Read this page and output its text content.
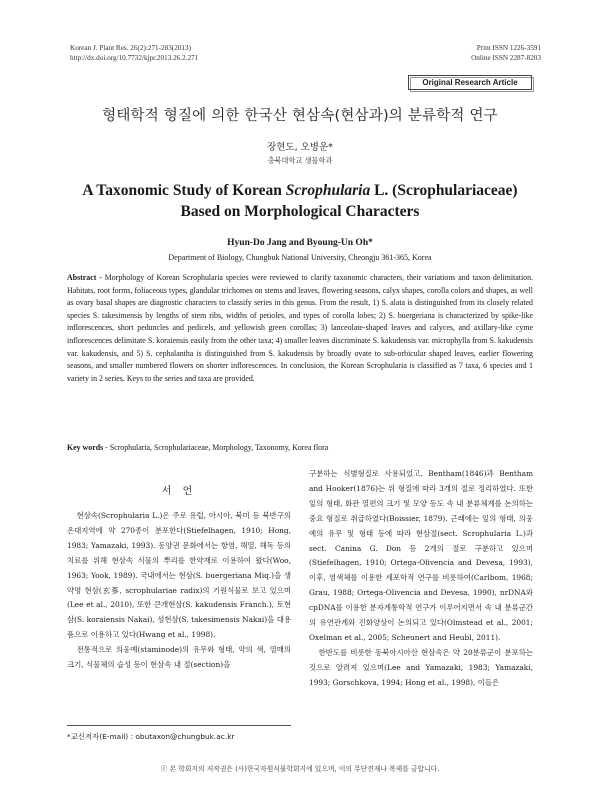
Korean J. Plant Res. 26(2):271-283(2013)
http://dx.doi.org/10.7732/kjpr.2013.26.2.271
Print ISSN 1226-3591
Online ISSN 2287-8203
Original Research Article
형태학적 형질에 의한 한국산 현삼속(현삼과)의 분류학적 연구
장현도, 오병운*
충북대학교 생물학과
A Taxonomic Study of Korean Scrophularia L. (Scrophulariaceae)
Based on Morphological Characters
Hyun-Do Jang and Byoung-Un Oh*
Department of Biology, Chungbuk National University, Cheongju 361-365, Korea
Abstract - Morphology of Korean Scrophularia species were reviewed to clarify taxonomic characters, their variations and taxon delimitation. Habitats, root forms, foliaceous types, glandular trichomes on stems and leaves, flowering seasons, calyx shapes, corolla colors and shapes, as well as ovary basal shapes are diagnostic characters to classify series in this genus. From the result, 1) S. alata is distinguished from its closely related species S. takesimensis by lengths of stem ribs, widths of petioles, and types of corolla lobes; 2) S. buergeriana is characterized by spike-like inflorescences, short peduncles and pedicels, and yellowish green corollas; 3) lanceolate-shaped leaves and calyces, and axillary-like cyme inflorescences delimitate S. koraiensis easily from the other taxa; 4) smaller leaves discriminate S. kakudensis var. microphylla from S. kakudensis var. kakudensis, and 5) S. cephalantha is distinguished from S. kakudensis by broadly ovate to sub-orbicular shaped leaves, earlier flowering seasons, and smaller numbered flowers on shorter inflorescences. In conclusion, the Korean Scrophularia is classified as 7 taxa, 6 species and 1 variety in 2 series. Keys to the series and taxa are provided.
Key words - Scrophularia, Scrophulariaceae, Morphology, Taxonomy, Korea flora
서 언

현삼속(Scrophularia L.)은 주로 유럽, 아시아, 북미 등 북반구의 온대지역에 약 270종이 분포한다(Stiefelhagen, 1910; Hong, 1983; Yamazaki, 1993). 동양권 문화에서는 항염, 해열, 해독 등의 치료를 위해 현삼속 식물의 뿌리를 한약재로 이용하여 왔다(Woo, 1963; Yook, 1989). 국내에서는 현삼(S. buergeriana Miq.)을 생약명 현삼(玄蔘, scrophulariae radix)의 기원식물로 보고 있으며(Lee et al., 2010), 또한 큰개현삼(S. kakudensis Franch.), 토현삼(S. koraiensis Nakai), 섬현삼(S. takesimensis Nakai)을 대용품으로 이용하고 있다(Hwang et al., 1998).

전통적으로 의웅예(staminode)의 유무와 형태, 약의 색, 열매의 크기, 식물체의 습성 등이 현삼속 내 절(section)을

구분하는 식별형질로 사용되었고, Bentham(1846)과 Bentham and Hooker(1876)는 위 형질에 따라 3개의 절로 정리하였다. 또한 잎의 형태, 화관 열편의 크기 및 모양 등도 속 내 분류체계를 논의하는 중요 형질로 취급하였다(Boissier, 1879). 근래에는 잎의 형태, 의웅예의 유무 및 형태 등에 따라 현삼절(sect. Scrophularia L.)과 sect. Canina G. Don 등 2개의 절로 구분하고 있으며(Stiefelhagen, 1910; Ortega-Olivencia and Devesa, 1993), 이후, 염색체를 이용한 세포학적 연구를 비롯하여(Carlbom, 1968; Grau, 1988; Ortega-Olivencia and Devesa, 1990), nrDNA와 cpDNA를 이용한 분자계통학적 연구가 이루어지면서 속 내 분류군간의 유연관계와 진화양상이 논의되고 있다(Olmstead et al., 2001; Oxelman et al., 2005; Scheunert and Heubl, 2011).

한반도를 비롯한 동북아시아산 현삼속은 약 20분류군이 분포하는 것으로 알려져 있으며(Lee and Yamazaki, 1983; Yamazaki, 1993; Gorschkova, 1994; Hong et al., 1998), 이들은

*교신저자(E-mail) : obutaxon@chungbuk.ac.kr
ⓒ 본 학회지의 저작권은 (사)한국자원식물학회지에 있으며, 이의 무단전재나 복제를 금합니다.
